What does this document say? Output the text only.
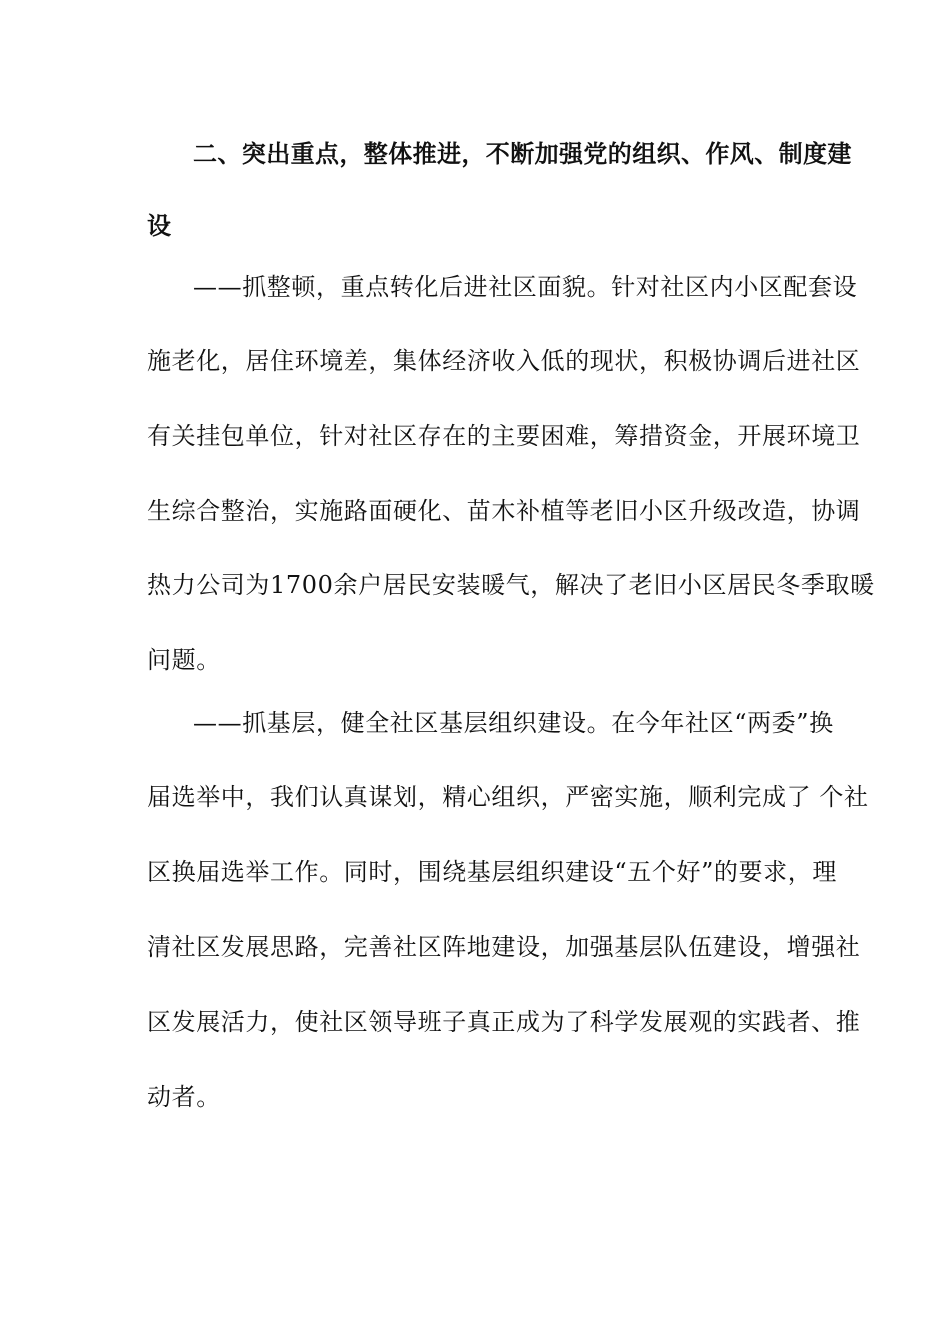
二、突出重点，整体推进，不断加强党的组织、作风、制度建
设
——抓整顿，重点转化后进社区面貌。针对社区内小区配套设
施老化，居住环境差，集体经济收入低的现状，积极协调后进社区
有关挂包单位，针对社区存在的主要困难，筹措资金，开展环境卫
生综合整治，实施路面硬化、苗木补植等老旧小区升级改造，协调
热力公司为1700余户居民安装暖气，解决了老旧小区居民冬季取暖
问题。
——抓基层，健全社区基层组织建设。在今年社区“两委”换
届选举中，我们认真谋划，精心组织，严密实施，顺利完成了 个社
区换届选举工作。同时，围绕基层组织建设“五个好”的要求，理
清社区发展思路，完善社区阵地建设，加强基层队伍建设，增强社
区发展活力，使社区领导班子真正成为了科学发展观的实践者、推
动者。
